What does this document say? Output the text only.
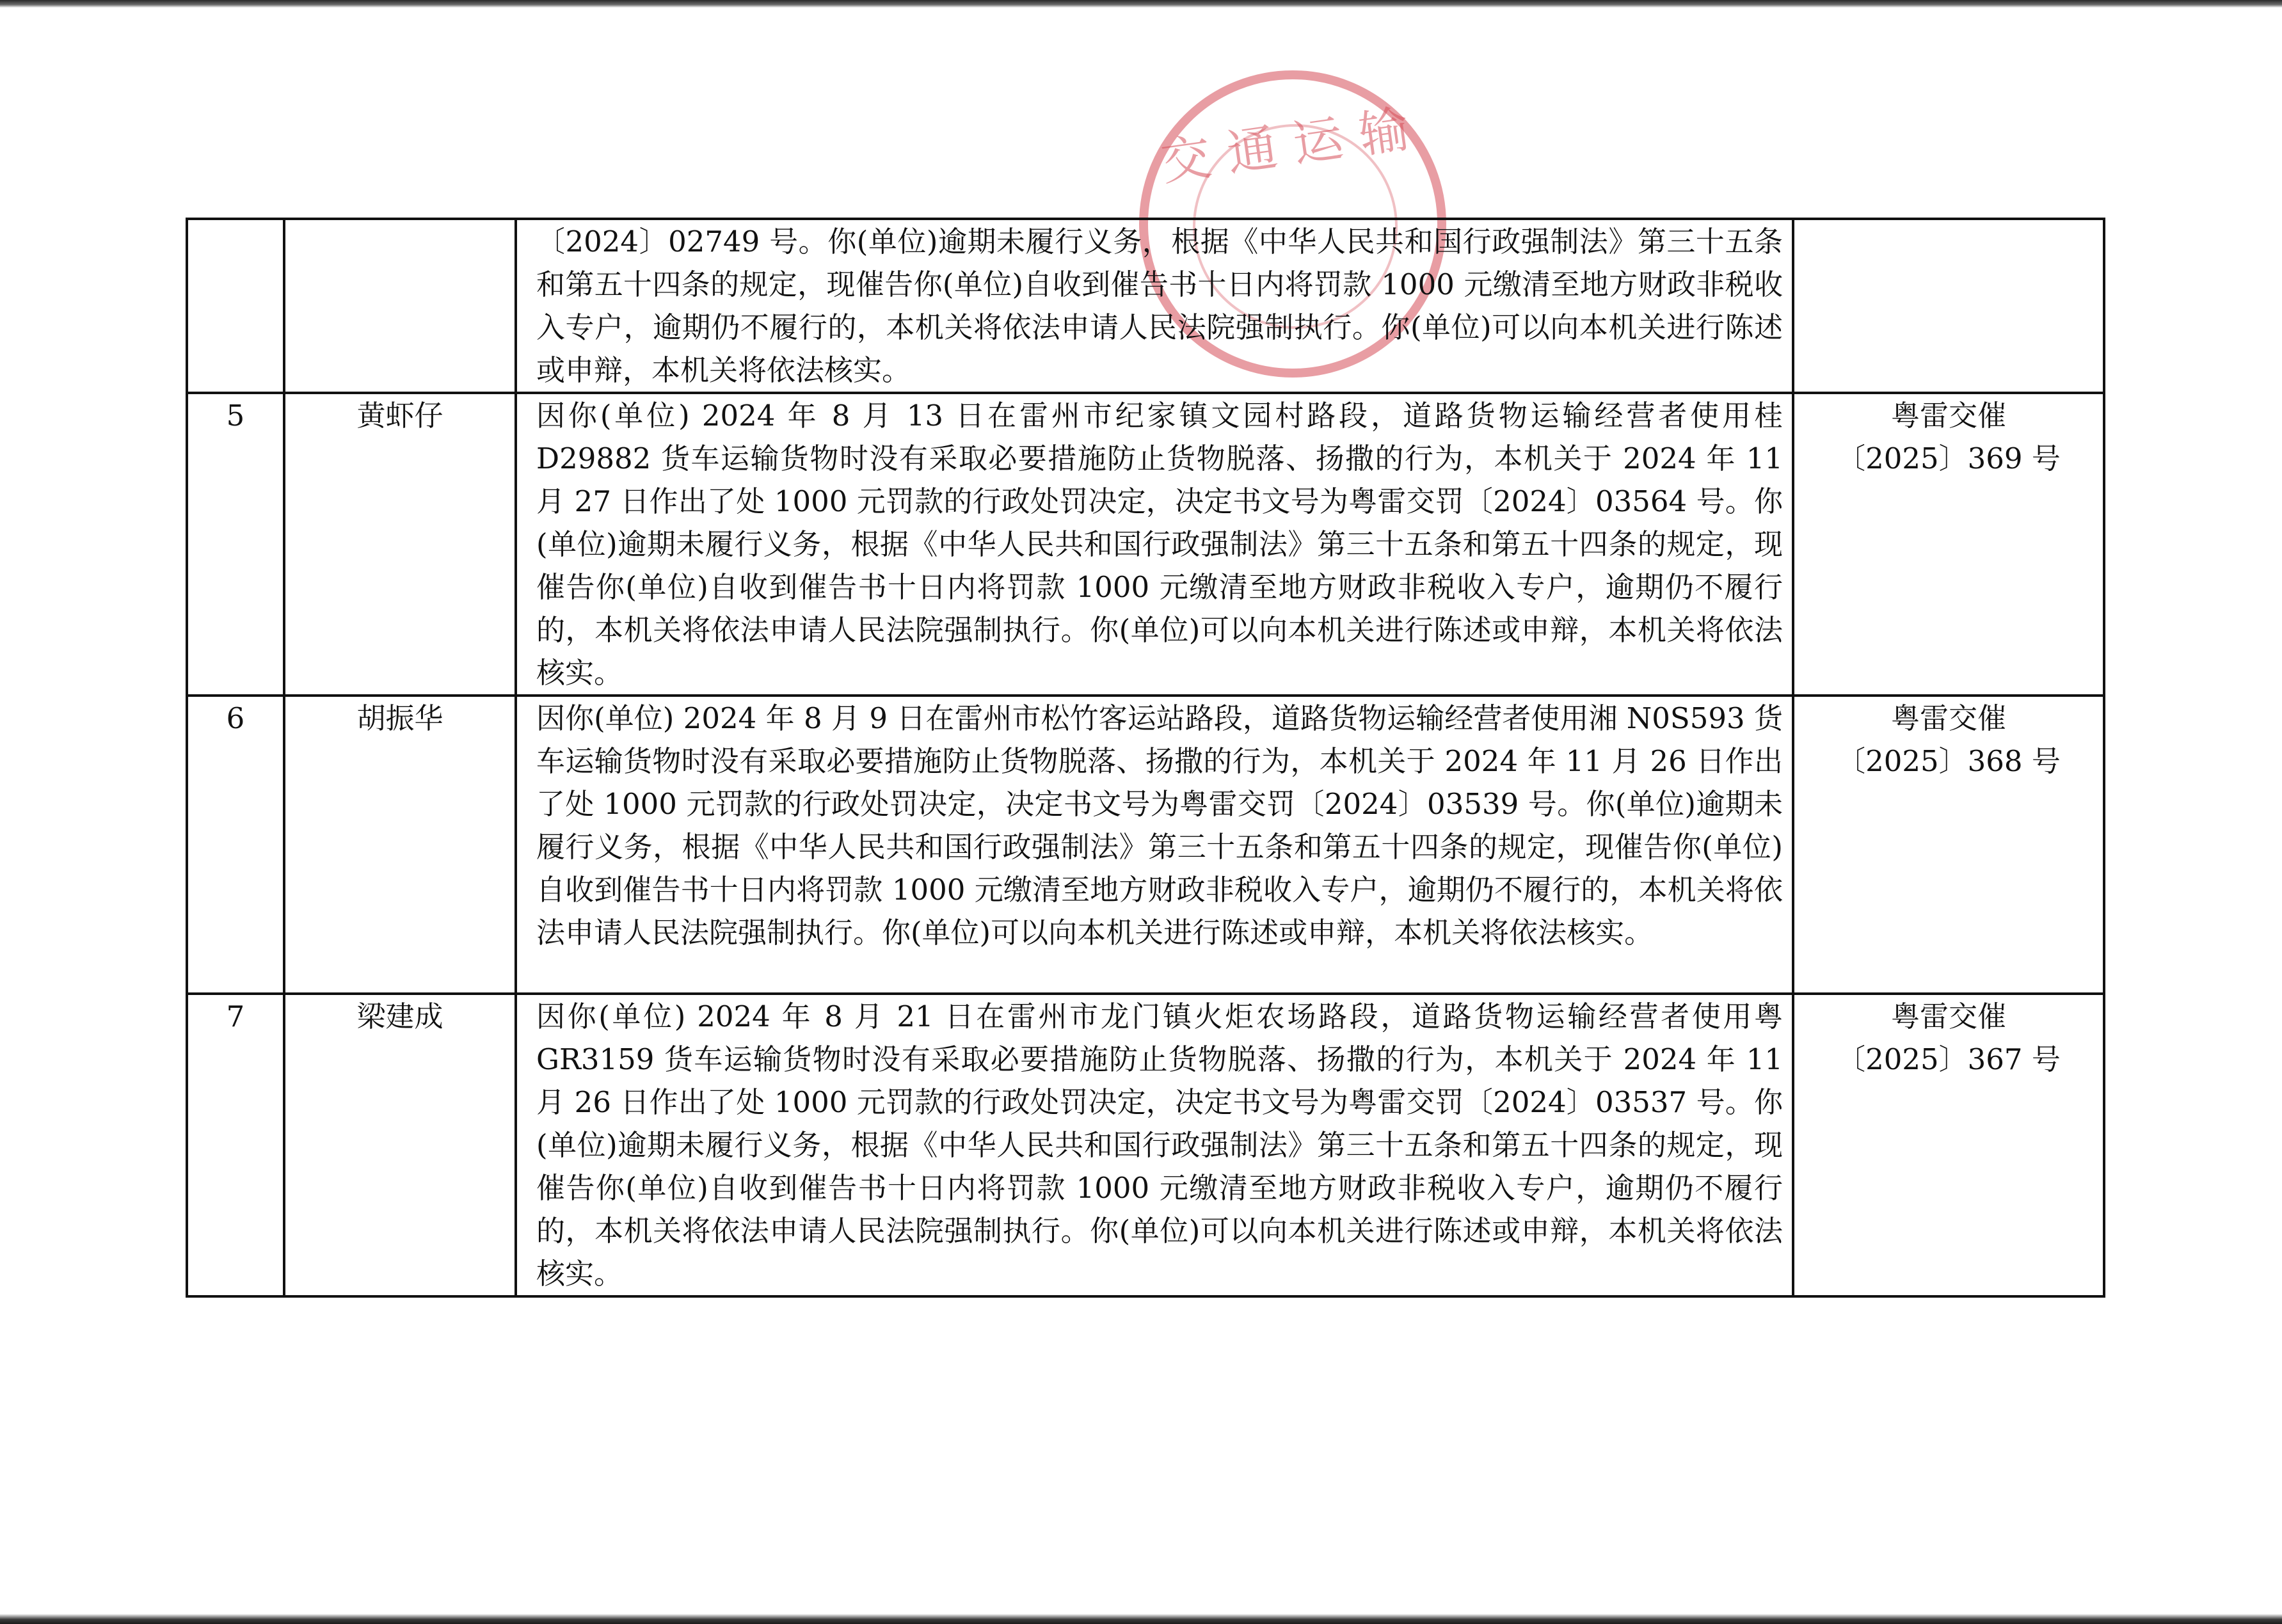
交通运输
		〔2024〕02749 号。你(单位)逾期未履行义务，根据《中华人民共和国行政强制法》第三十五条和第五十四条的规定，现催告你(单位)自收到催告书十日内将罚款 1000 元缴清至地方财政非税收入专户，逾期仍不履行的，本机关将依法申请人民法院强制执行。你(单位)可以向本机关进行陈述或申辩，本机关将依法核实。	

5	黄虾仔	因你(单位) 2024 年 8 月 13 日在雷州市纪家镇文园村路段，道路货物运输经营者使用桂 D29882 货车运输货物时没有采取必要措施防止货物脱落、扬撒的行为，本机关于 2024 年 11 月 27 日作出了处 1000 元罚款的行政处罚决定，决定书文号为粤雷交罚〔2024〕03564 号。你(单位)逾期未履行义务，根据《中华人民共和国行政强制法》第三十五条和第五十四条的规定，现催告你(单位)自收到催告书十日内将罚款 1000 元缴清至地方财政非税收入专户，逾期仍不履行的，本机关将依法申请人民法院强制执行。你(单位)可以向本机关进行陈述或申辩，本机关将依法核实。	粤雷交催
〔2025〕369 号

6	胡振华	因你(单位) 2024 年 8 月 9 日在雷州市松竹客运站路段，道路货物运输经营者使用湘 N0S593 货车运输货物时没有采取必要措施防止货物脱落、扬撒的行为，本机关于 2024 年 11 月 26 日作出了处 1000 元罚款的行政处罚决定，决定书文号为粤雷交罚〔2024〕03539 号。你(单位)逾期未履行义务，根据《中华人民共和国行政强制法》第三十五条和第五十四条的规定，现催告你(单位)自收到催告书十日内将罚款 1000 元缴清至地方财政非税收入专户，逾期仍不履行的，本机关将依法申请人民法院强制执行。你(单位)可以向本机关进行陈述或申辩，本机关将依法核实。	粤雷交催
〔2025〕368 号

7	梁建成	因你(单位) 2024 年 8 月 21 日在雷州市龙门镇火炬农场路段，道路货物运输经营者使用粤 GR3159 货车运输货物时没有采取必要措施防止货物脱落、扬撒的行为，本机关于 2024 年 11 月 26 日作出了处 1000 元罚款的行政处罚决定，决定书文号为粤雷交罚〔2024〕03537 号。你(单位)逾期未履行义务，根据《中华人民共和国行政强制法》第三十五条和第五十四条的规定，现催告你(单位)自收到催告书十日内将罚款 1000 元缴清至地方财政非税收入专户，逾期仍不履行的，本机关将依法申请人民法院强制执行。你(单位)可以向本机关进行陈述或申辩，本机关将依法核实。	粤雷交催
〔2025〕367 号
